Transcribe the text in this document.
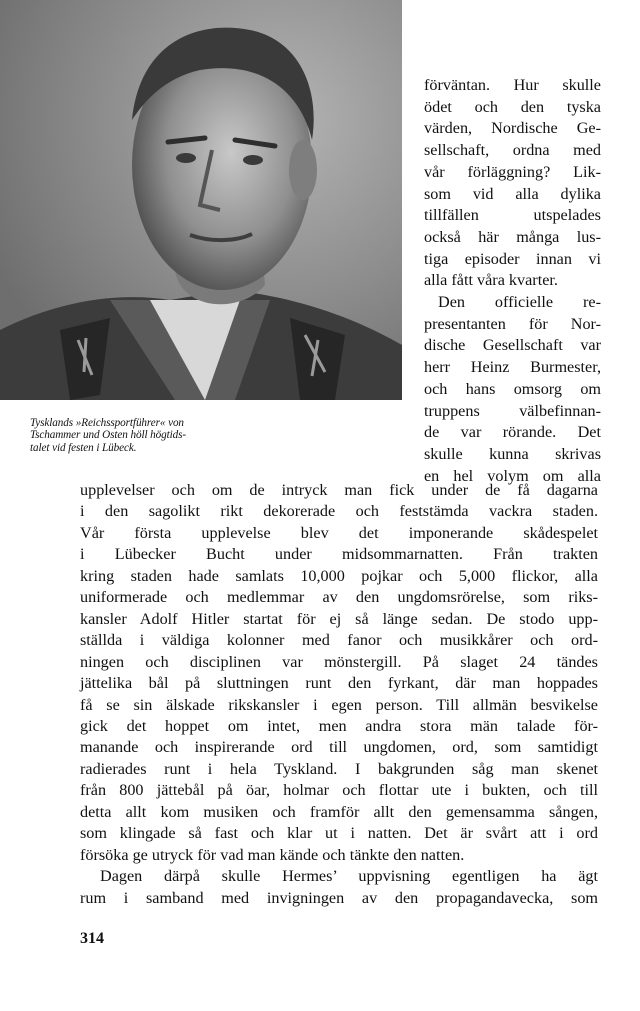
Tysklands »Reichssportführer« von
Tschammer und Osten höll högtids-
talet vid festen i Lübeck.
förväntan. Hur skulle
ödet och den tyska
värden, Nordische Ge-
sellschaft, ordna med
vår förläggning? Lik-
som vid alla dylika
tillfällen utspelades
också här många lus-
tiga episoder innan vi
alla fått våra kvarter.
Den officielle re-
presentanten för Nor-
dische Gesellschaft var
herr Heinz Burmester,
och hans omsorg om
truppens välbefinnan-
de var rörande. Det
skulle kunna skrivas
en hel volym om alla
upplevelser och om de intryck man fick under de få dagarna
i den sagolikt rikt dekorerade och feststämda vackra staden.
Vår första upplevelse blev det imponerande skådespelet
i Lübecker Bucht under midsommarnatten. Från trakten
kring staden hade samlats 10,000 pojkar och 5,000 flickor, alla
uniformerade och medlemmar av den ungdomsrörelse, som riks-
kansler Adolf Hitler startat för ej så länge sedan. De stodo upp-
ställda i väldiga kolonner med fanor och musikkårer och ord-
ningen och disciplinen var mönstergill. På slaget 24 tändes
jättelika bål på sluttningen runt den fyrkant, där man hoppades
få se sin älskade rikskansler i egen person. Till allmän besvikelse
gick det hoppet om intet, men andra stora män talade för-
manande och inspirerande ord till ungdomen, ord, som samtidigt
radierades runt i hela Tyskland. I bakgrunden såg man skenet
från 800 jättebål på öar, holmar och flottar ute i bukten, och till
detta allt kom musiken och framför allt den gemensamma sången,
som klingade så fast och klar ut i natten. Det är svårt att i ord
försöka ge utryck för vad man kände och tänkte den natten.
Dagen därpå skulle Hermes’ uppvisning egentligen ha ägt
rum i samband med invigningen av den propagandavecka, som
314
